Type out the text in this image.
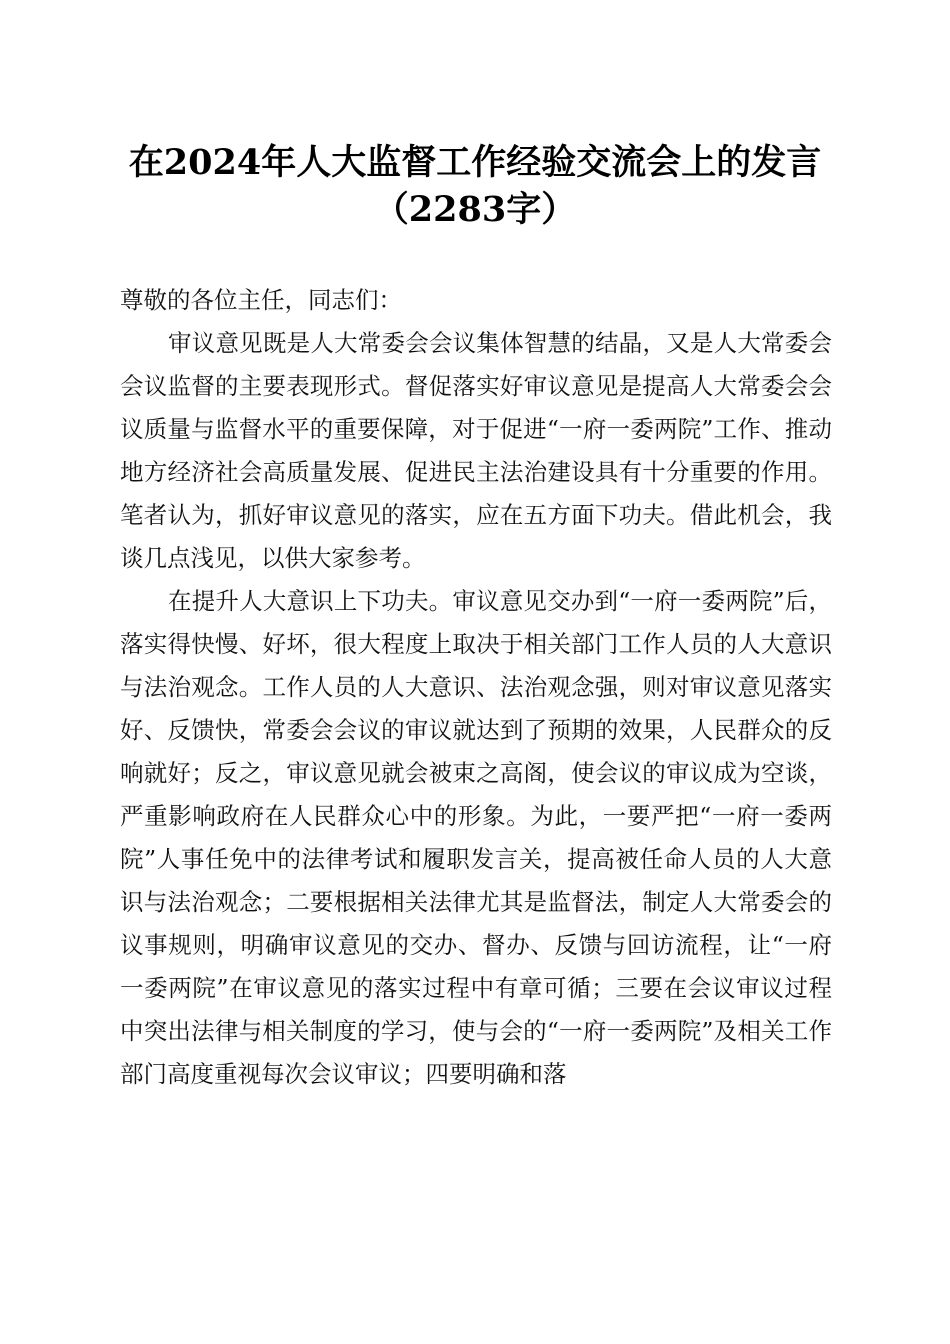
在2024年人大监督工作经验交流会上的发言
（2283字）

尊敬的各位主任，同志们：

审议意见既是人大常委会会议集体智慧的结晶，又是人大常委会会议监督的主要表现形式。督促落实好审议意见是提高人大常委会会议质量与监督水平的重要保障，对于促进“一府一委两院”工作、推动地方经济社会高质量发展、促进民主法治建设具有十分重要的作用。笔者认为，抓好审议意见的落实，应在五方面下功夫。借此机会，我谈几点浅见，以供大家参考。

在提升人大意识上下功夫。审议意见交办到“一府一委两院”后，落实得快慢、好坏，很大程度上取决于相关部门工作人员的人大意识与法治观念。工作人员的人大意识、法治观念强，则对审议意见落实好、反馈快，常委会会议的审议就达到了预期的效果，人民群众的反响就好；反之，审议意见就会被束之高阁，使会议的审议成为空谈，严重影响政府在人民群众心中的形象。为此，一要严把“一府一委两院”人事任免中的法律考试和履职发言关，提高被任命人员的人大意识与法治观念；二要根据相关法律尤其是监督法，制定人大常委会的议事规则，明确审议意见的交办、督办、反馈与回访流程，让“一府一委两院”在审议意见的落实过程中有章可循；三要在会议审议过程中突出法律与相关制度的学习，使与会的“一府一委两院”及相关工作部门高度重视每次会议审议；四要明确和落
